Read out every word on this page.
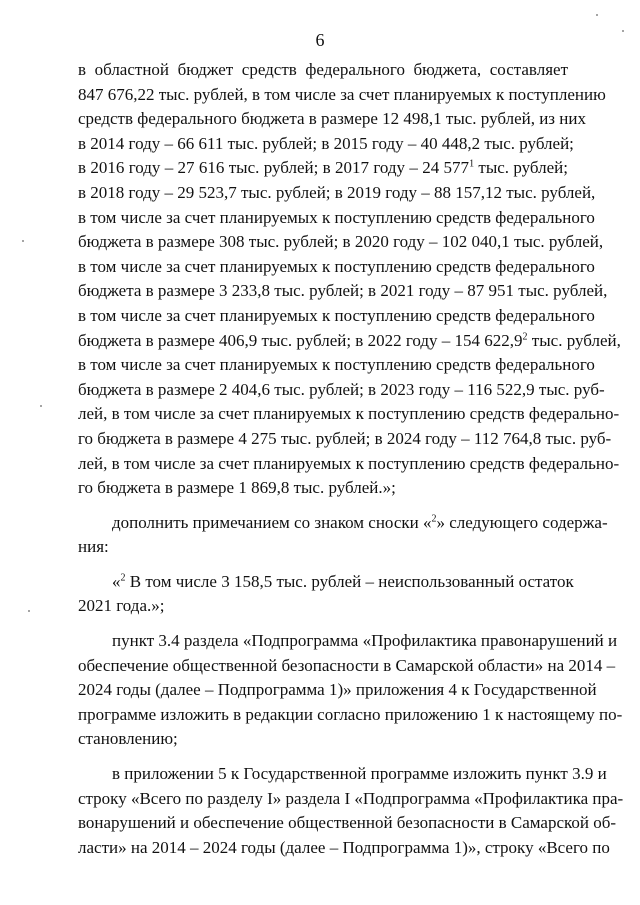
6
в областной бюджет средств федерального бюджета, составляет
847 676,22 тыс. рублей, в том числе за счет планируемых к поступлению
средств федерального бюджета в размере 12 498,1 тыс. рублей, из них
в 2014 году – 66 611 тыс. рублей; в 2015 году – 40 448,2 тыс. рублей;
в 2016 году – 27 616 тыс. рублей; в 2017 году – 24 $577^1$ тыс. рублей;
в 2018 году – 29 523,7 тыс. рублей; в 2019 году – 88 157,12 тыс. рублей,
в том числе за счет планируемых к поступлению средств федерального
бюджета в размере 308 тыс. рублей; в 2020 году – 102 040,1 тыс. рублей,
в том числе за счет планируемых к поступлению средств федерального
бюджета в размере 3 233,8 тыс. рублей; в 2021 году – 87 951 тыс. рублей,
в том числе за счет планируемых к поступлению средств федерального
бюджета в размере 406,9 тыс. рублей; в 2022 году – 154 622,9$^2$ тыс. рублей,
в том числе за счет планируемых к поступлению средств федерального
бюджета в размере 2 404,6 тыс. рублей; в 2023 году – 116 522,9 тыс. руб-
лей, в том числе за счет планируемых к поступлению средств федерально-
го бюджета в размере 4 275 тыс. рублей; в 2024 году – 112 764,8 тыс. руб-
лей, в том числе за счет планируемых к поступлению средств федерально-
го бюджета в размере 1 869,8 тыс. рублей.»;
дополнить примечанием со знаком сноски «$^2$» следующего содержа-
ния:
«$^2$ В том числе 3 158,5 тыс. рублей – неиспользованный остаток
2021 года.»;
пункт 3.4 раздела «Подпрограмма «Профилактика правонарушений и
обеспечение общественной безопасности в Самарской области» на 2014 –
2024 годы (далее – Подпрограмма 1)» приложения 4 к Государственной
программе изложить в редакции согласно приложению 1 к настоящему по-
становлению;
в приложении 5 к Государственной программе изложить пункт 3.9 и
строку «Всего по разделу I» раздела I «Подпрограмма «Профилактика пра-
вонарушений и обеспечение общественной безопасности в Самарской об-
ласти» на 2014 – 2024 годы (далее – Подпрограмма 1)», строку «Всего по
